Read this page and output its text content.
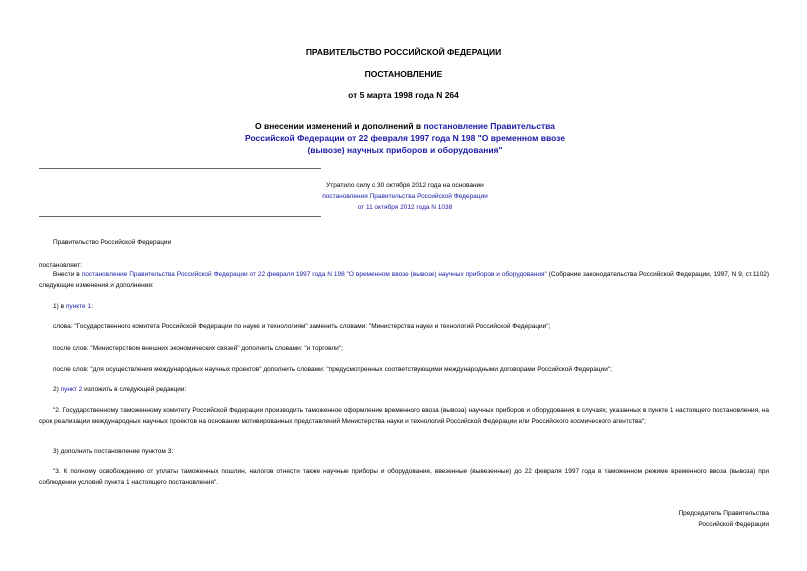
ПРАВИТЕЛЬСТВО РОССИЙСКОЙ ФЕДЕРАЦИИ
ПОСТАНОВЛЕНИЕ
от 5 марта 1998 года N 264
О внесении изменений и дополнений в постановление Правительства Российской Федерации от 22 февраля 1997 года N 198 "О временном ввозе (вывозе) научных приборов и оборудования"
Утратило силу с 30 октября 2012 года на основании
постановления Правительства Российской Федерации
от 11 октября 2012 года N 1038
Правительство Российской Федерации
постановляет:
Внести в постановление Правительства Российской Федерации от 22 февраля 1997 года N 198 "О временном ввозе (вывозе) научных приборов и оборудования" (Собрание законодательства Российской Федерации, 1997, N 9, ст.1102) следующие изменения и дополнения:
1) в пункте 1:
слова: "Государственного комитета Российской Федерации по науке и технологиям" заменить словами: "Министерства науки и технологий Российской Федерации";
после слов: "Министерством внешних экономических связей" дополнить словами: "и торговли";
после слов: "для осуществления международных научных проектов" дополнить словами: "предусмотренных соответствующими международными договорами Российской Федерации";
2) пункт 2 изложить в следующей редакции:
"2. Государственному таможенному комитету Российской Федерации производить таможенное оформление временного ввоза (вывоза) научных приборов и оборудования в случаях, указанных в пункте 1 настоящего постановления, на срок реализации международных научных проектов на основании мотивированных представлений Министерства науки и технологий Российской Федерации или Российского космического агентства";
3) дополнить постановление пунктом 3:
"3. К полному освобождению от уплаты таможенных пошлин, налогов отнести также научные приборы и оборудование, ввезенные (вывезенные) до 22 февраля 1997 года в таможенном режиме временного ввоза (вывоза) при соблюдении условий пункта 1 настоящего постановления".
Председатель Правительства
Российской Федерации
